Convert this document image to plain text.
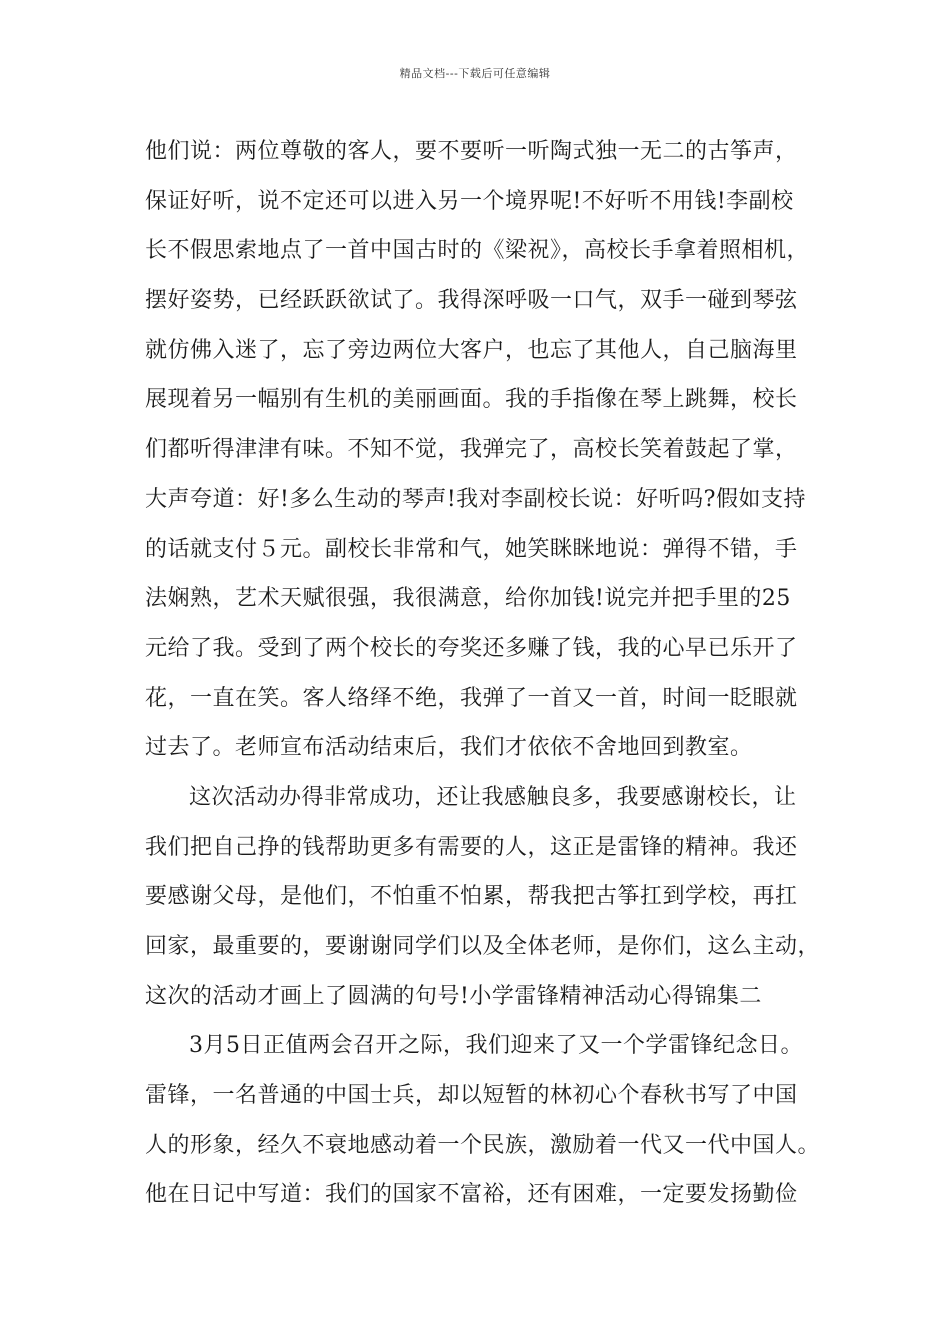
精品文档---下载后可任意编辑
他们说：两位尊敬的客人，要不要听一听陶式独一无二的古筝声，
保证好听，说不定还可以进入另一个境界呢!不好听不用钱!李副校
长不假思索地点了一首中国古时的《梁祝》，高校长手拿着照相机，
摆好姿势，已经跃跃欲试了。我得深呼吸一口气，双手一碰到琴弦
就仿佛入迷了，忘了旁边两位大客户，也忘了其他人，自己脑海里
展现着另一幅别有生机的美丽画面。我的手指像在琴上跳舞，校长
们都听得津津有味。不知不觉，我弹完了，高校长笑着鼓起了掌，
大声夸道：好!多么生动的琴声!我对李副校长说：好听吗?假如支持
的话就支付５元。副校长非常和气，她笑眯眯地说：弹得不错，手
法娴熟，艺术天赋很强，我很满意，给你加钱!说完并把手里的25
元给了我。受到了两个校长的夸奖还多赚了钱，我的心早已乐开了
花，一直在笑。客人络绎不绝，我弹了一首又一首，时间一眨眼就
过去了。老师宣布活动结束后，我们才依依不舍地回到教室。
这次活动办得非常成功，还让我感触良多，我要感谢校长，让
我们把自己挣的钱帮助更多有需要的人，这正是雷锋的精神。我还
要感谢父母，是他们，不怕重不怕累，帮我把古筝扛到学校，再扛
回家，最重要的，要谢谢同学们以及全体老师，是你们，这么主动，
这次的活动才画上了圆满的句号!小学雷锋精神活动心得锦集二
3月5日正值两会召开之际，我们迎来了又一个学雷锋纪念日。
雷锋，一名普通的中国士兵，却以短暂的林初心个春秋书写了中国
人的形象，经久不衰地感动着一个民族，激励着一代又一代中国人。
他在日记中写道：我们的国家不富裕，还有困难，一定要发扬勤俭
